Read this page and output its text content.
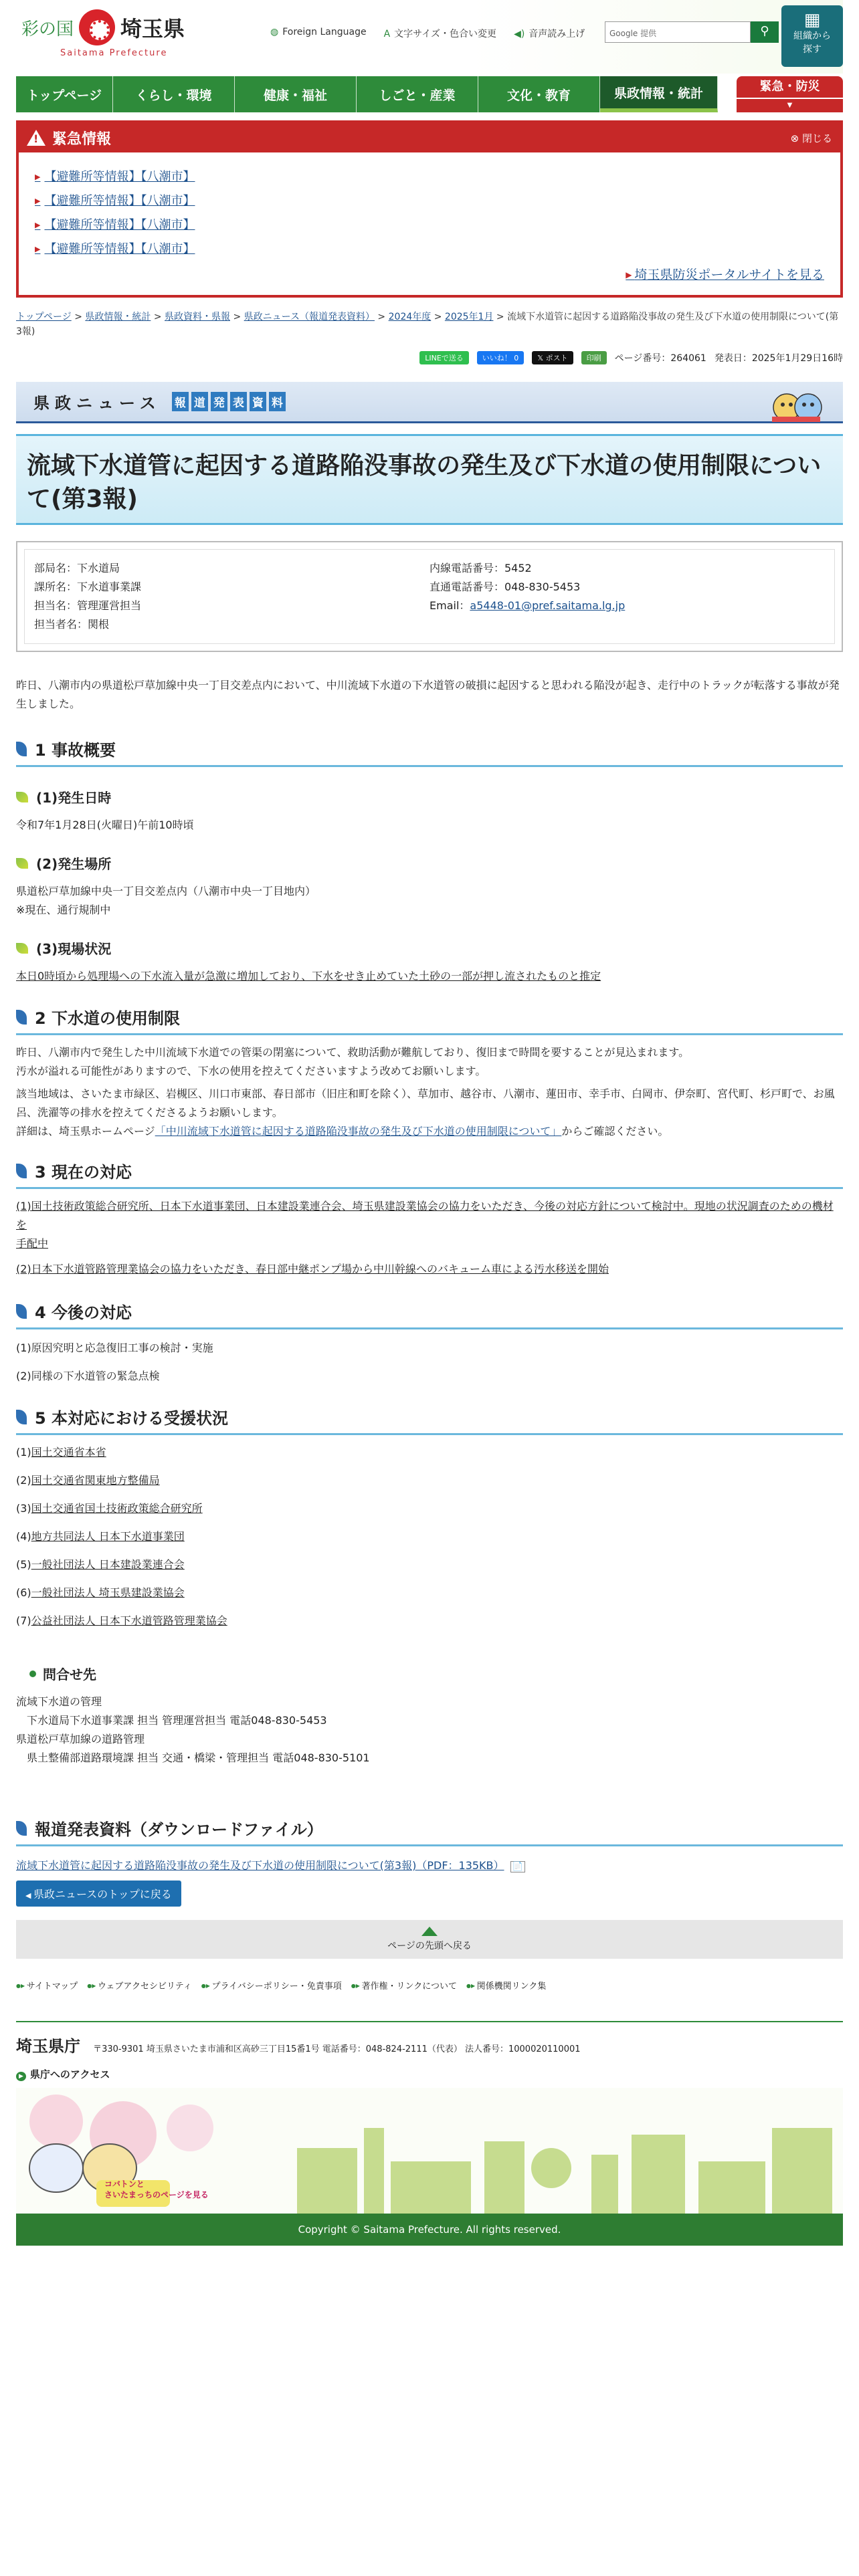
彩の国 埼玉県
Saitama Prefecture
◍ Foreign Language A 文字サイズ・色合い変更 ◀) 音声読み上げ	Google 提供	⚲
▦
組織から
探す
トップページ	くらし・環境	健康・福祉	しごと・産業	文化・教育	県政情報・統計	緊急・防災
▼
!
緊急情報	⊗ 閉じる
▶ 【避難所等情報】【八潮市】
▶ 【避難所等情報】【八潮市】
▶ 【避難所等情報】【八潮市】
▶ 【避難所等情報】【八潮市】
▶ 埼玉県防災ポータルサイトを見る
トップページ > 県政情報・統計 > 県政資料・県報 > 県政ニュース（報道発表資料） > 2024年度 > 2025年1月 > 流域下水道管に起因する道路陥没事故の発生及び下水道の使用制限について(第3報)
LINEで送る	いいね！ 0	𝕏 ポスト	印刷	ページ番号：264061 発表日：2025年1月29日16時
県政ニュース 報 道 発 表 資 料
流域下水道管に起因する道路陥没事故の発生及び下水道の使用制限について(第3報)
部局名：下水道局
課所名：下水道事業課
担当名：管理運営担当
担当者名：関根
内線電話番号：5452
直通電話番号：048-830-5453
Email：a5448-01@pref.saitama.lg.jp

昨日、八潮市内の県道松戸草加線中央一丁目交差点内において、中川流域下水道の下水道管の破損に起因すると思われる陥没が起き、走行中のトラックが転落する事故が発生しました。

1 事故概要
(1)発生日時

令和7年1月28日(火曜日)午前10時頃

(2)発生場所

県道松戸草加線中央一丁目交差点内（八潮市中央一丁目地内）

※現在、通行規制中

(3)現場状況

本日0時頃から処理場への下水流入量が急激に増加しており、下水をせき止めていた土砂の一部が押し流されたものと推定

2 下水道の使用制限

昨日、八潮市内で発生した中川流域下水道での管渠の閉塞について、救助活動が難航しており、復旧まで時間を要することが見込まれます。

汚水が溢れる可能性がありますので、下水の使用を控えてくださいますよう改めてお願いします。

該当地域は、さいたま市緑区、岩槻区、川口市東部、春日部市（旧庄和町を除く）、草加市、越谷市、八潮市、蓮田市、幸手市、白岡市、伊奈町、宮代町、杉戸町で、お風

呂、洗濯等の排水を控えてくださるようお願いします。

詳細は、埼玉県ホームページ「中川流域下水道管に起因する道路陥没事故の発生及び下水道の使用制限について」からご確認ください。

3 現在の対応

(1)国土技術政策総合研究所、日本下水道事業団、日本建設業連合会、埼玉県建設業協会の協力をいただき、今後の対応方針について検討中。現地の状況調査のための機材を

手配中

(2)日本下水道管路管理業協会の協力をいただき、春日部中継ポンプ場から中川幹線へのバキューム車による汚水移送を開始

4 今後の対応

(1)原因究明と応急復旧工事の検討・実施

(2)同様の下水道管の緊急点検

5 本対応における受援状況
(1)国土交通省本省
(2)国土交通省関東地方整備局
(3)国土交通省国土技術政策総合研究所
(4)地方共同法人 日本下水道事業団
(5)一般社団法人 日本建設業連合会
(6)一般社団法人 埼玉県建設業協会
(7)公益社団法人 日本下水道管路管理業協会
問合せ先

流域下水道の管理

　下水道局下水道事業課 担当 管理運営担当 電話048-830-5453

県道松戸草加線の道路管理

　県土整備部道路環境課 担当 交通・橋梁・管理担当 電話048-830-5101

報道発表資料（ダウンロードファイル）
流域下水道管に起因する道路陥没事故の発生及び下水道の使用制限について(第3報)（PDF：135KB） 📄
◀ 県政ニュースのトップに戻る
ページの先頭へ戻る
●▶ サイトマップ	●▶ ウェブアクセシビリティ	●▶ プライバシーポリシー・免責事項	●▶ 著作権・リンクについて	●▶ 関係機関リンク集
埼玉県庁 〒330-9301 埼玉県さいたま市浦和区高砂三丁目15番1号 電話番号：048-824-2111（代表） 法人番号：1000020110001
▶ 県庁へのアクセス
コバトンと
さいたまっちのページを見る
Copyright © Saitama Prefecture. All rights reserved.
